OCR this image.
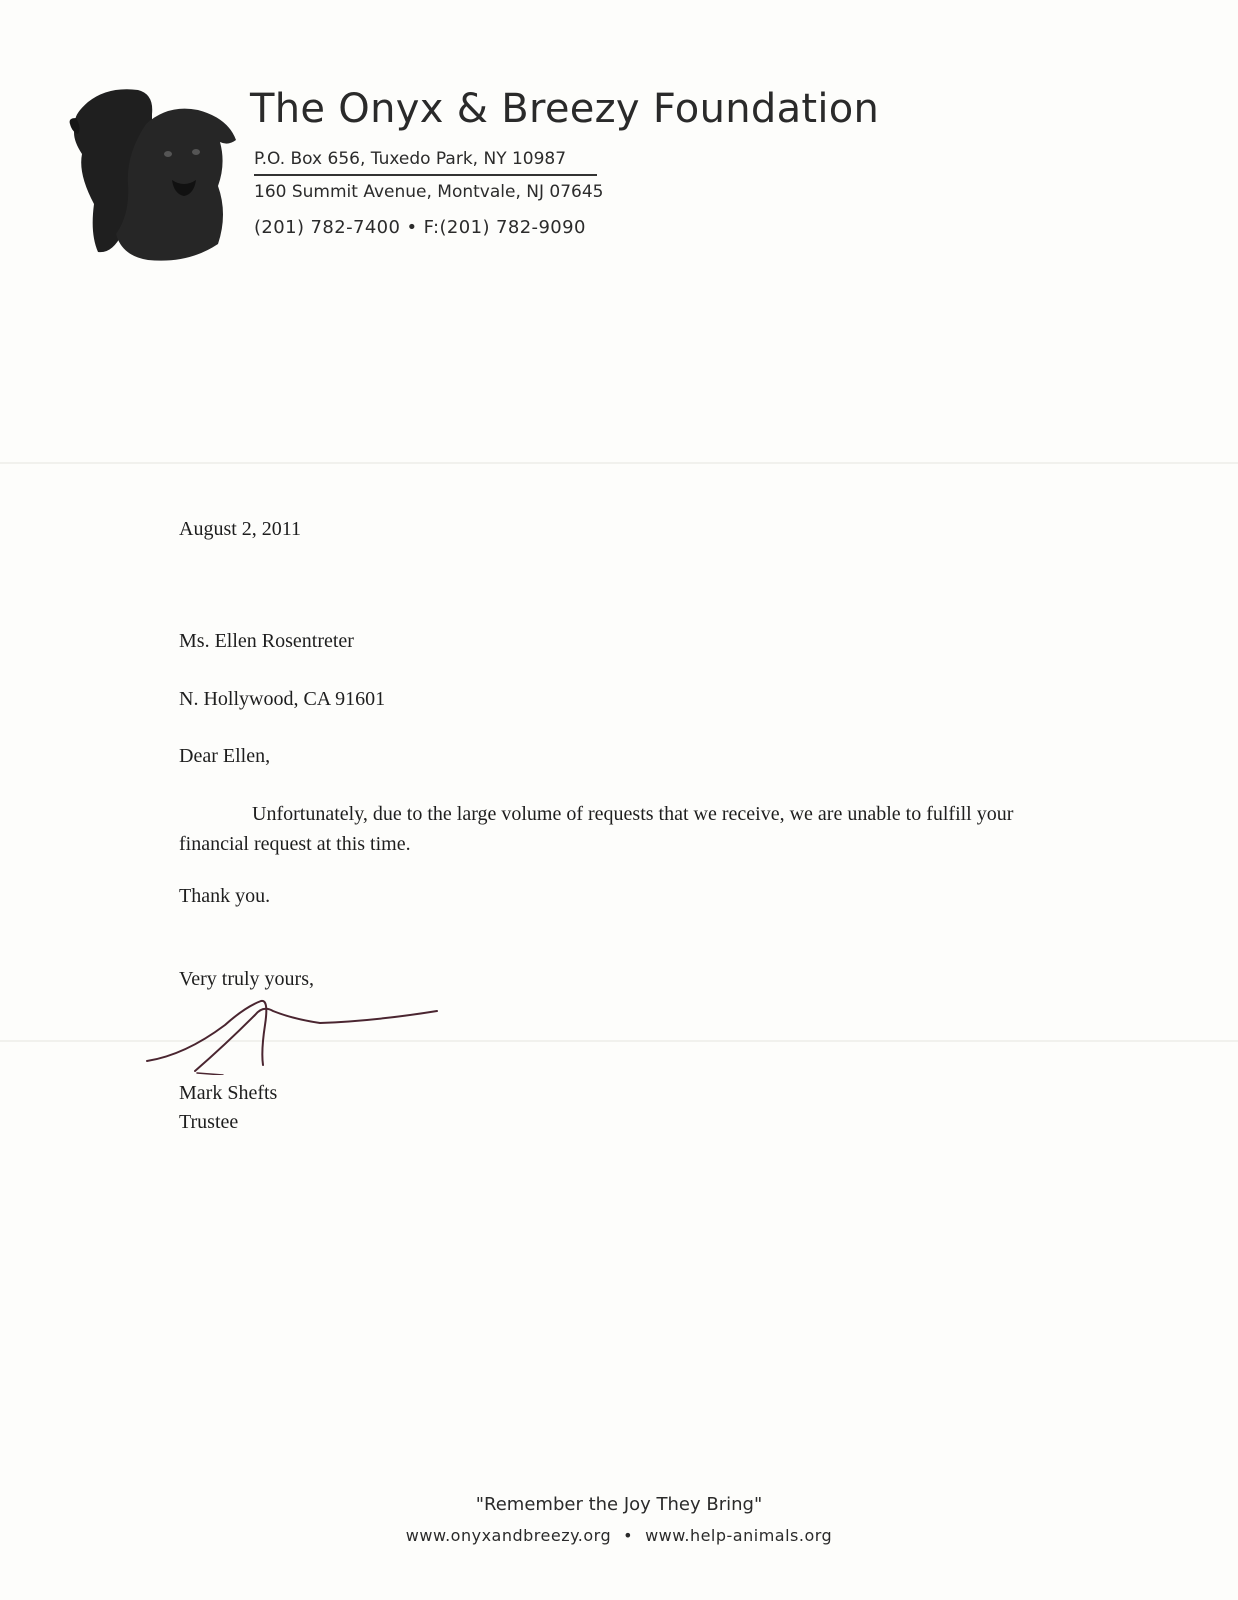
The Onyx & Breezy Foundation
P.O. Box 656, Tuxedo Park, NY 10987
160 Summit Avenue, Montvale, NJ 07645
(201) 782-7400 • F:(201) 782-9090
August 2, 2011
Ms. Ellen Rosentreter
N. Hollywood, CA 91601
Dear Ellen,
Unfortunately, due to the large volume of requests that we receive, we are unable to fulfill your financial request at this time.
Thank you.
Very truly yours,
Mark Shefts
Trustee
"Remember the Joy They Bring"
www.onyxandbreezy.org • www.help-animals.org
